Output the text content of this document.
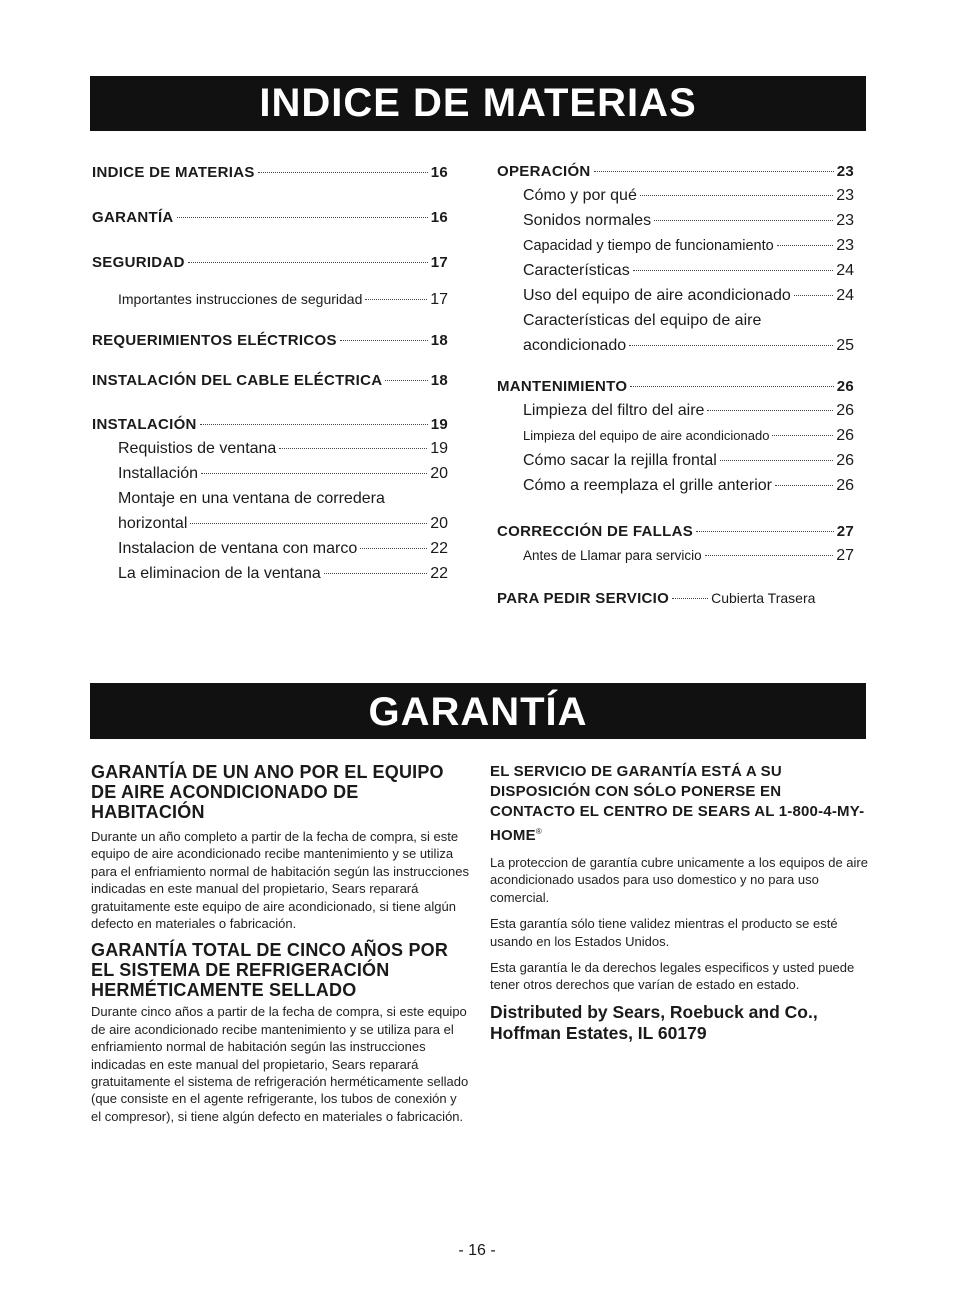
INDICE DE MATERIAS
INDICE DE MATERIAS	16
GARANTÍA	16
SEGURIDAD	17
Importantes instrucciones de seguridad	17
REQUERIMIENTOS ELÉCTRICOS	18
INSTALACIÓN DEL CABLE ELÉCTRICA	18
INSTALACIÓN	19
Requistios de ventana	19
Installación	20
Montaje en una ventana de corredera
horizontal	20
Instalacion de ventana con marco	22
La eliminacion de la ventana	22
OPERACIÓN	23
Cómo y por qué	23
Sonidos normales	23
Capacidad y tiempo de funcionamiento	23
Características	24
Uso del equipo de aire acondicionado	24
Características del equipo de aire
acondicionado	25
MANTENIMIENTO	26
Limpieza del filtro del aire	26
Limpieza del equipo de aire acondicionado	26
Cómo sacar la rejilla frontal	26
Cómo a reemplaza el grille anterior	26
CORRECCIÓN DE FALLAS	27
Antes de Llamar para servicio	27
PARA PEDIR SERVICIO	Cubierta Trasera
GARANTÍA
GARANTÍA DE UN ANO POR EL EQUIPO DE AIRE ACONDICIONADO DE HABITACIÓN

Durante un año completo a partir de la fecha de compra, si este equipo de aire acondicionado recibe mantenimiento y se utiliza para el enfriamiento normal de habitación según las instrucciones indicadas en este manual del propietario, Sears reparará gratuitamente este equipo de aire acondicionado, si tiene algún defecto en materiales o fabricación.

GARANTÍA TOTAL DE CINCO AÑOS POR EL SISTEMA DE REFRIGERACIÓN HERMÉTICAMENTE SELLADO

Durante cinco años a partir de la fecha de compra, si este equipo de aire acondicionado recibe mantenimiento y se utiliza para el enfriamiento normal de habitación según las instrucciones indicadas en este manual del propietario, Sears reparará gratuitamente el sistema de refrigeración herméticamente sellado (que consiste en el agente refrigerante, los tubos de conexión y el compresor), si tiene algún defecto en materiales o fabricación.

EL SERVICIO DE GARANTÍA ESTÁ A SU DISPOSICIÓN CON SÓLO PONERSE EN CONTACTO EL CENTRO DE SEARS AL 1-800-4-MY-HOME®

La proteccion de garantía cubre unicamente a los equipos de aire acondicionado usados para uso domestico y no para uso comercial.

Esta garantía sólo tiene validez mientras el producto se esté usando en los Estados Unidos.

Esta garantía le da derechos legales especificos y usted puede tener otros derechos que varían de estado en estado.

Distributed by Sears, Roebuck and Co., Hoffman Estates, IL 60179

- 16 -
